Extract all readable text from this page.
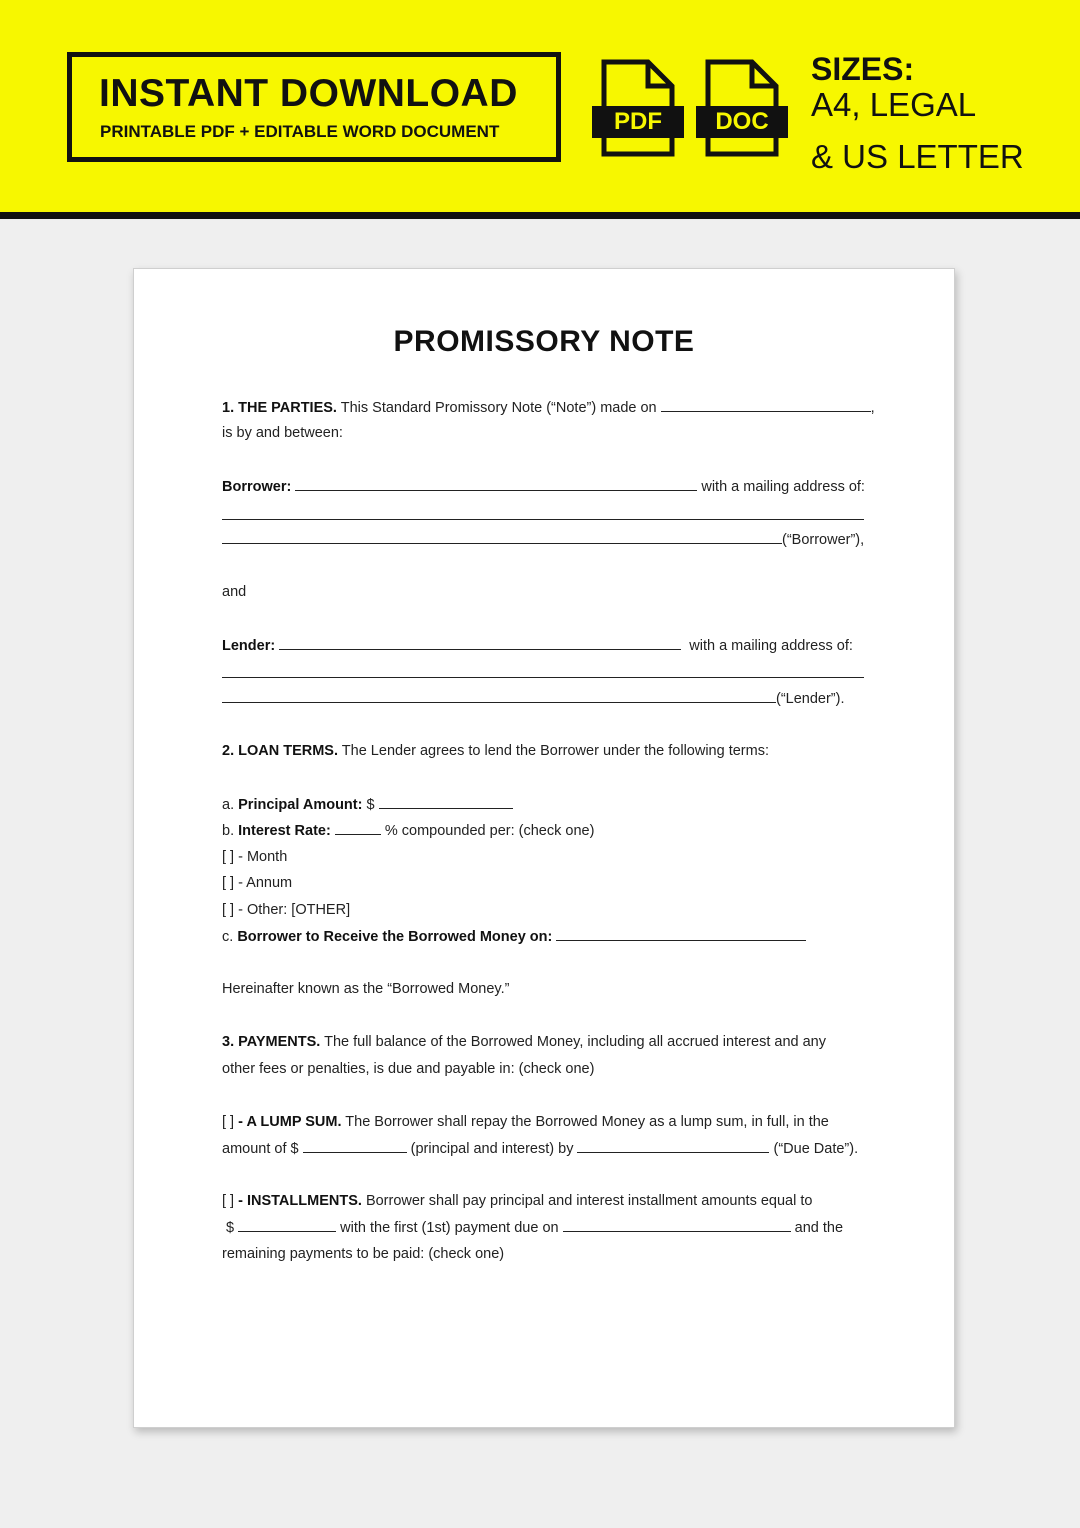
INSTANT DOWNLOAD
PRINTABLE PDF + EDITABLE WORD DOCUMENT	PDF	DOC
SIZES:
A4, LEGAL
& US LETTER
PROMISSORY NOTE
1. THE PARTIES. This Standard Promissory Note (“Note”) made on	,
is by and between:
Borrower:	with a mailing address of:
(“Borrower”),
and
Lender:	with a mailing address of:
(“Lender”).
2. LOAN TERMS. The Lender agrees to lend the Borrower under the following terms:
a. Principal Amount: $
b. Interest Rate:	% compounded per: (check one)
[ ] - Month
[ ] - Annum
[ ] - Other: [OTHER]
c. Borrower to Receive the Borrowed Money on:
Hereinafter known as the “Borrowed Money.”
3. PAYMENTS. The full balance of the Borrowed Money, including all accrued interest and any
other fees or penalties, is due and payable in: (check one)
[ ] - A LUMP SUM. The Borrower shall repay the Borrowed Money as a lump sum, in full, in the
amount of $	(principal and interest) by	(“Due Date”).
[ ] - INSTALLMENTS. Borrower shall pay principal and interest installment amounts equal to
$	with the first (1st) payment due on	and the
remaining payments to be paid: (check one)
